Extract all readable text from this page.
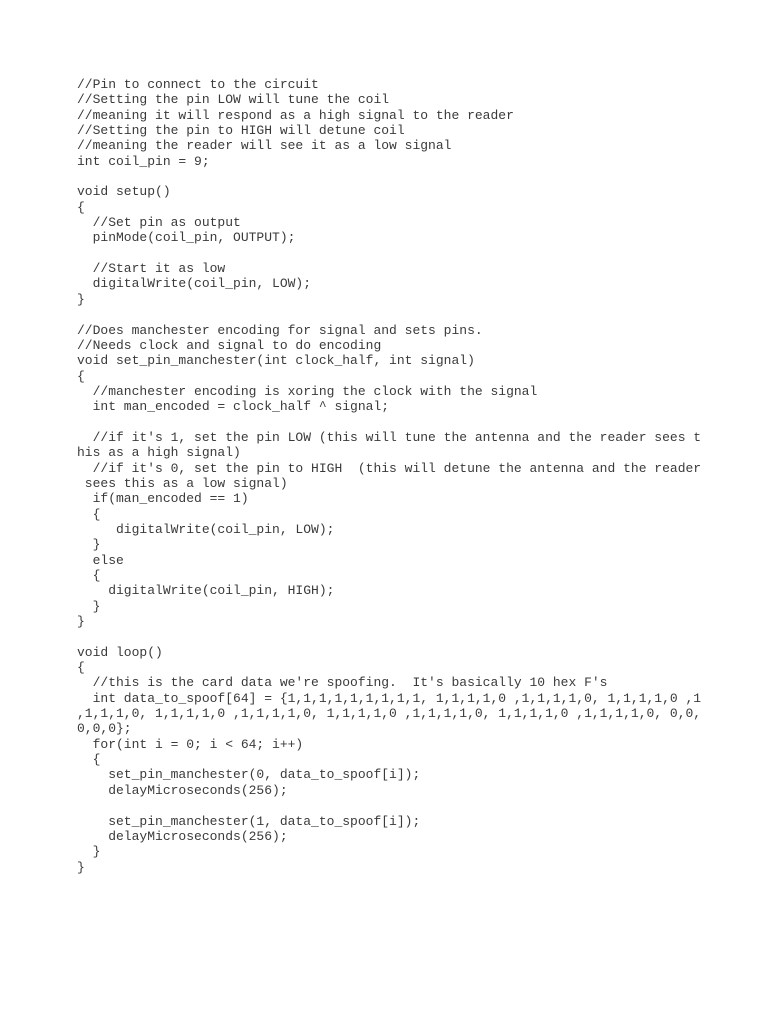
//Pin to connect to the circuit
//Setting the pin LOW will tune the coil
//meaning it will respond as a high signal to the reader
//Setting the pin to HIGH will detune coil
//meaning the reader will see it as a low signal
int coil_pin = 9;
void setup()
{
//Set pin as output
pinMode(coil_pin, OUTPUT);
//Start it as low
digitalWrite(coil_pin, LOW);
}
//Does manchester encoding for signal and sets pins.
//Needs clock and signal to do encoding
void set_pin_manchester(int clock_half, int signal)
{
//manchester encoding is xoring the clock with the signal
int man_encoded = clock_half ^ signal;
//if it's 1, set the pin LOW (this will tune the antenna and the reader sees t
his as a high signal)
//if it's 0, set the pin to HIGH  (this will detune the antenna and the reader
sees this as a low signal)
if(man_encoded == 1)
{
digitalWrite(coil_pin, LOW);
}
else
{
digitalWrite(coil_pin, HIGH);
}
}
void loop()
{
//this is the card data we're spoofing.  It's basically 10 hex F's
int data_to_spoof[64] = {1,1,1,1,1,1,1,1,1, 1,1,1,1,0 ,1,1,1,1,0, 1,1,1,1,0 ,1
,1,1,1,0, 1,1,1,1,0 ,1,1,1,1,0, 1,1,1,1,0 ,1,1,1,1,0, 1,1,1,1,0 ,1,1,1,1,0, 0,0,
0,0,0};
for(int i = 0; i < 64; i++)
{
set_pin_manchester(0, data_to_spoof[i]);
delayMicroseconds(256);
set_pin_manchester(1, data_to_spoof[i]);
delayMicroseconds(256);
}
}
